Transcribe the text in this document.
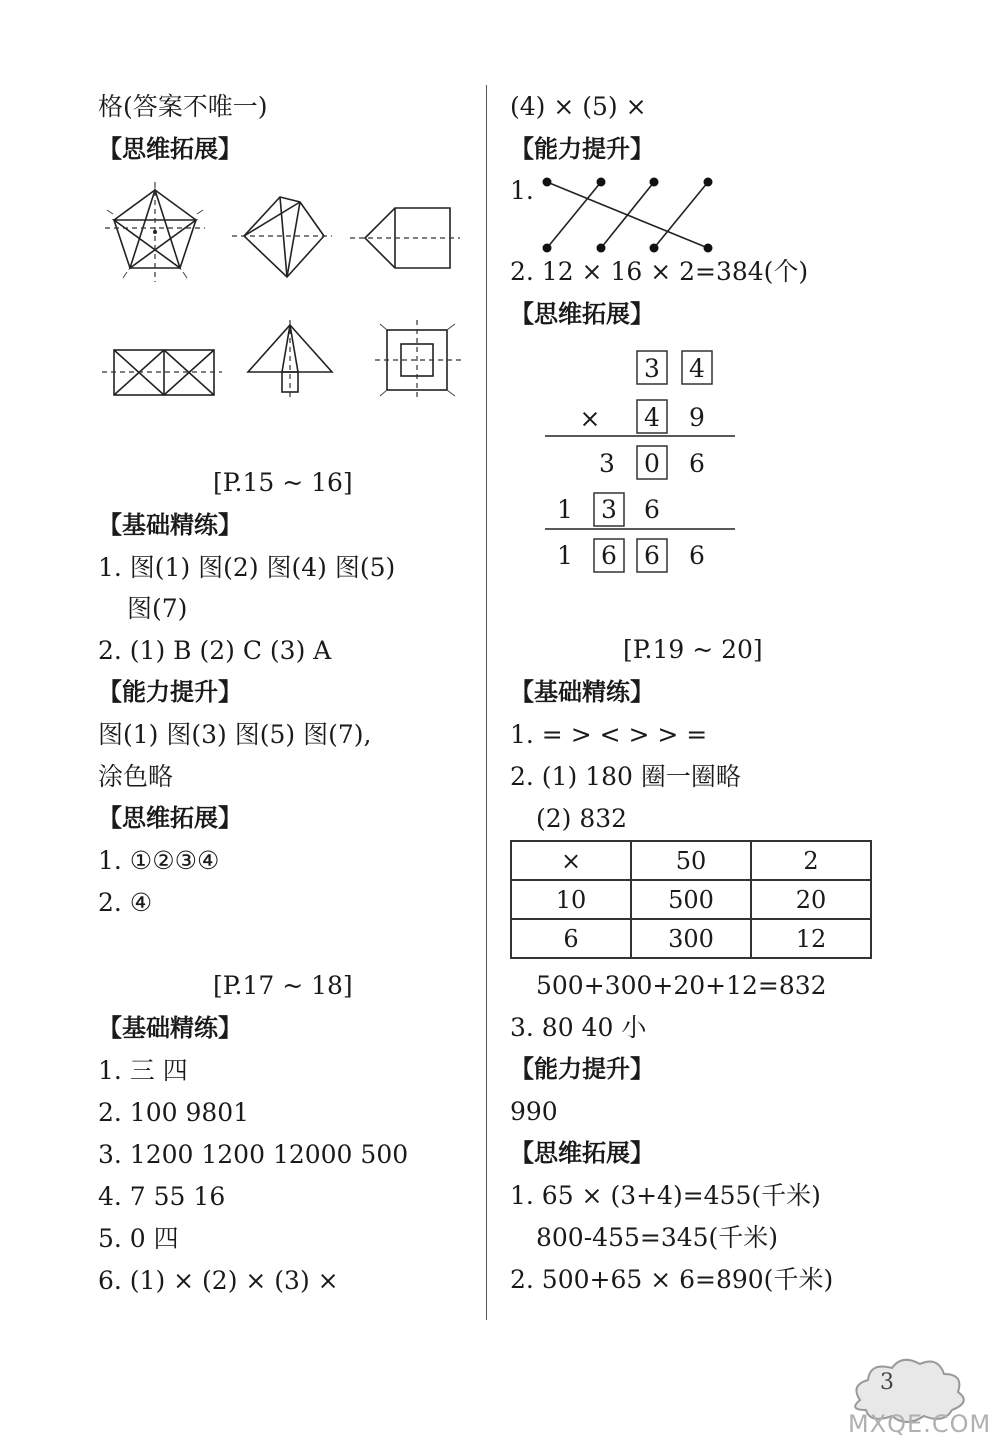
格(答案不唯一)
【思维拓展】
[P.15 ~ 16]
【基础精练】
1. 图(1) 图(2) 图(4) 图(5)
图(7)
2. (1) B (2) C (3) A
【能力提升】
图(1) 图(3) 图(5) 图(7),
涂色略
【思维拓展】
1. ①②③④
2. ④
[P.17 ~ 18]
【基础精练】
1. 三 四
2. 100 9801
3. 1200 1200 12000 500
4. 7 55 16
5. 0 四
6. (1) × (2) × (3) ×
(4) × (5) ×
【能力提升】
1.
2. 12 × 16 × 2=384(个)
【思维拓展】
3 4
× 4 9
3 0 6
1 3 6
1 6 6 6
[P.19 ~ 20]
【基础精练】
1. = > < > > =
2. (1) 180 圈一圈略
(2) 832
×	50	2
10	500	20
6	300	12
500+300+20+12=832
3. 80 40 小
【能力提升】
990
【思维拓展】
1. 65 × (3+4)=455(千米)
800-455=345(千米)
2. 500+65 × 6=890(千米)
3
MXQE.COM
